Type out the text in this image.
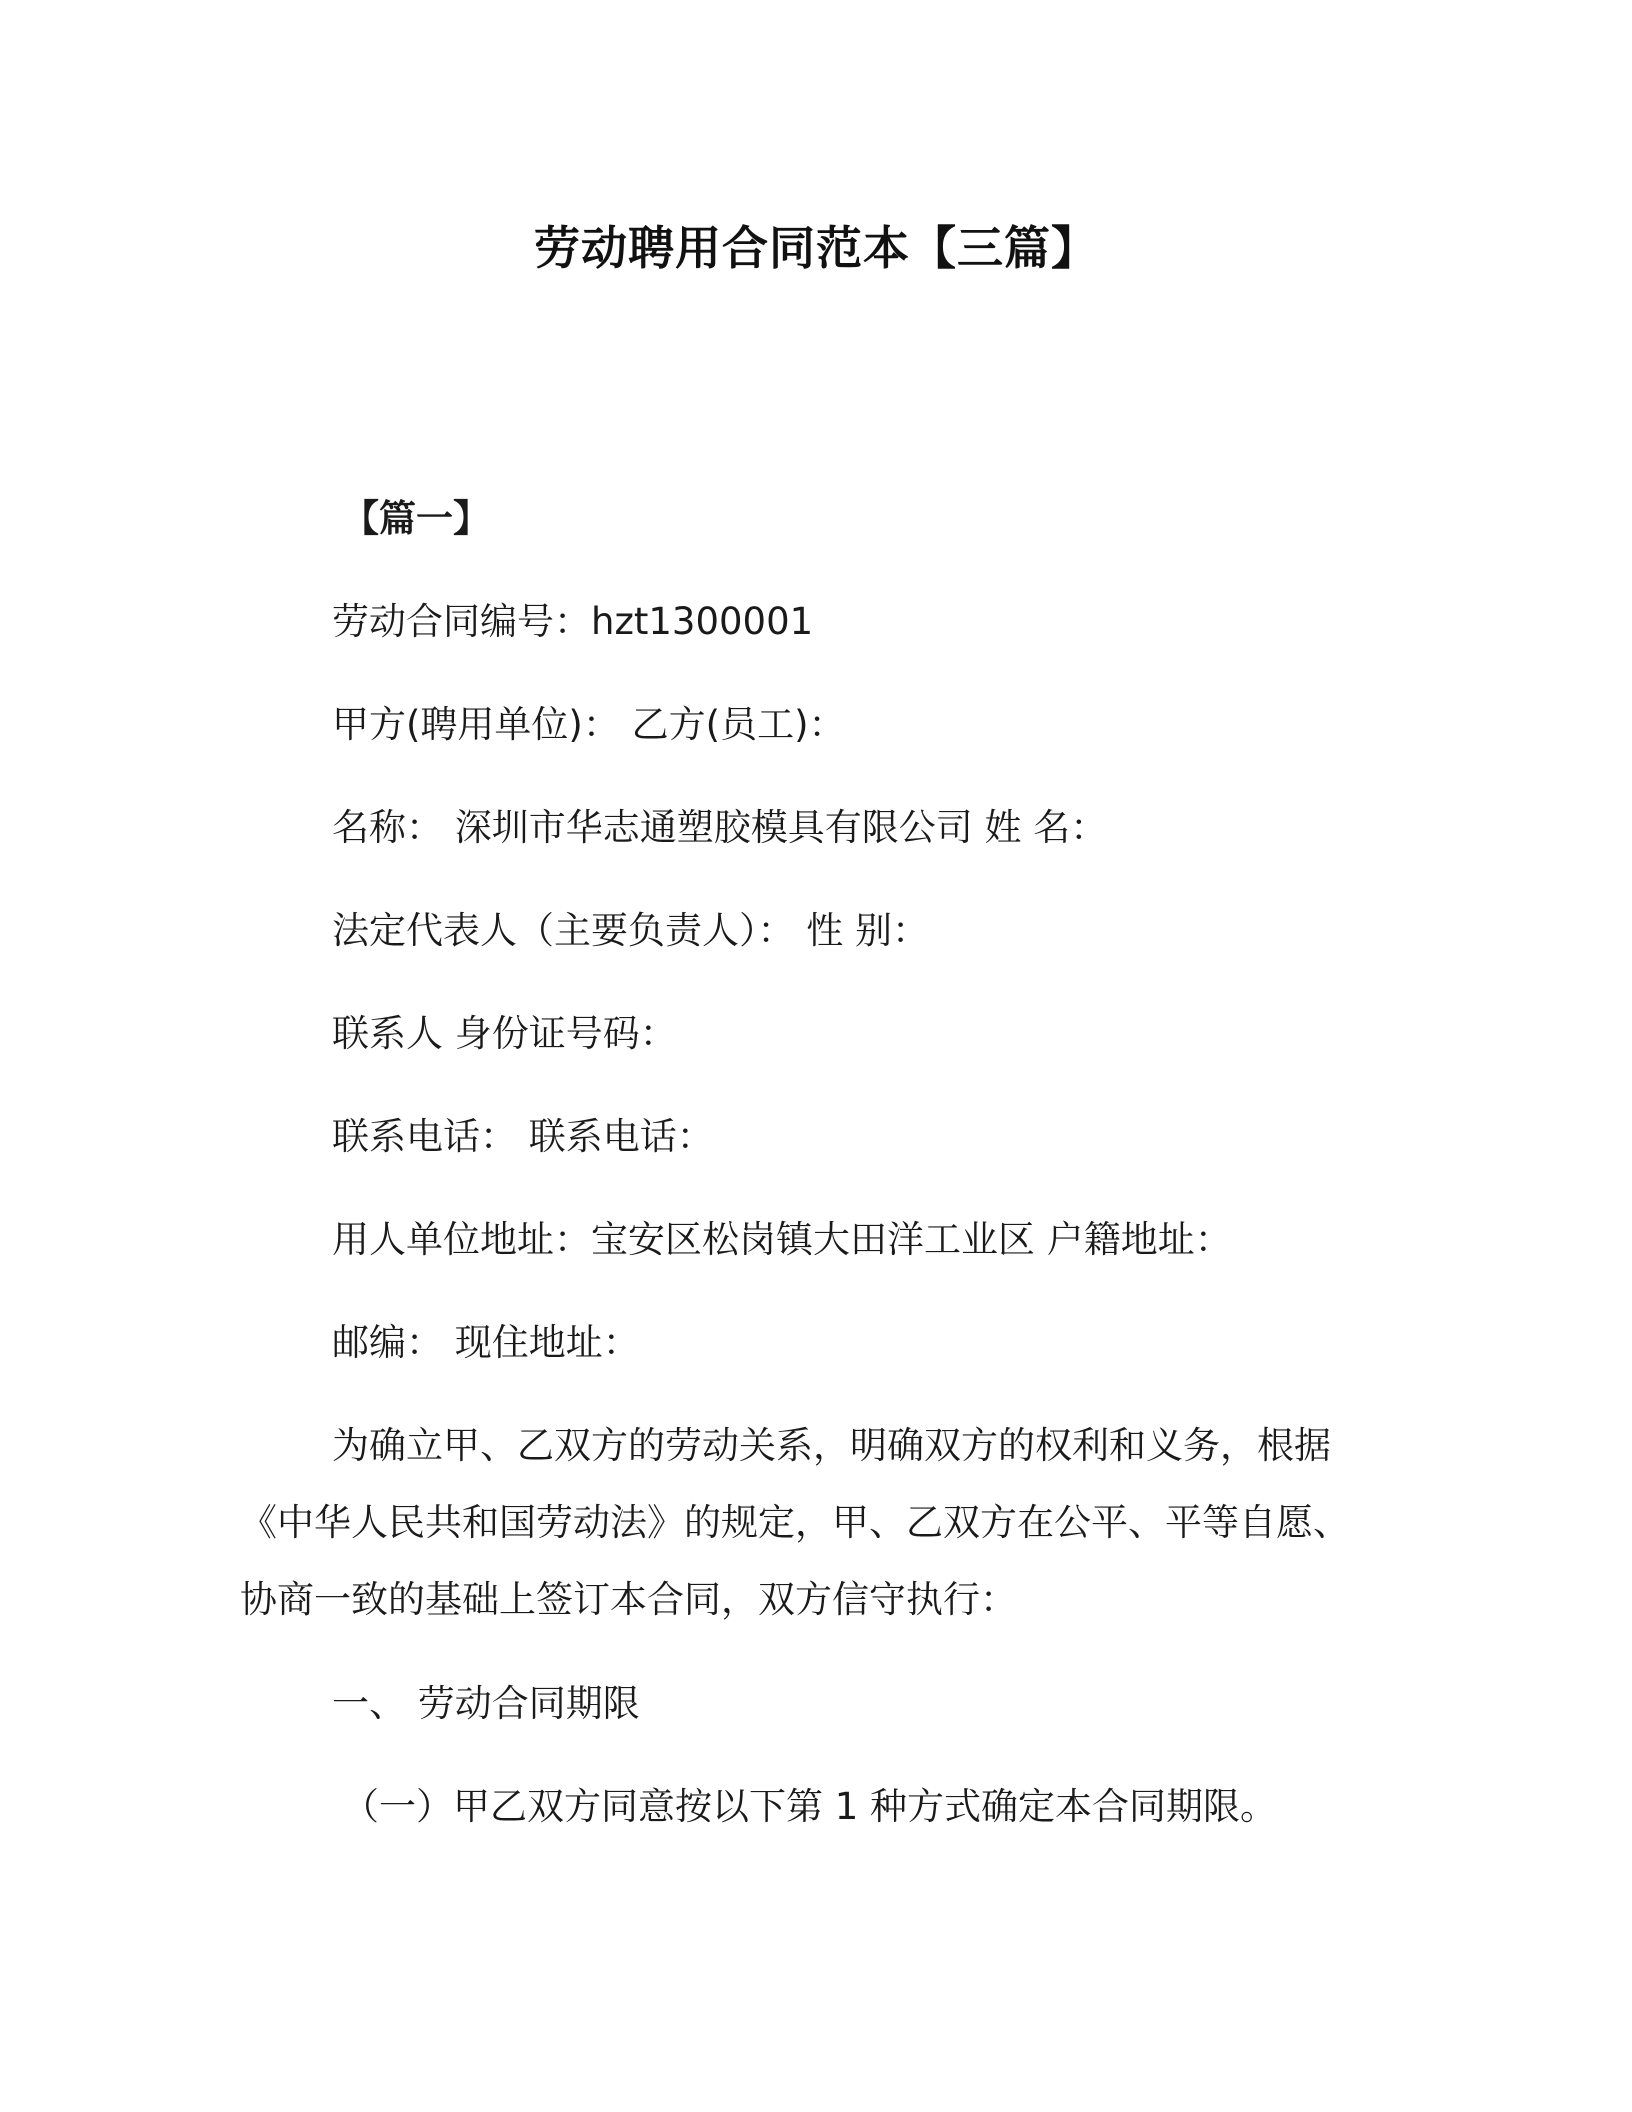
劳动聘用合同范本【三篇】
【篇一】
劳动合同编号：hzt1300001
甲方(聘用单位)： 乙方(员工)：
名称： 深圳市华志通塑胶模具有限公司 姓 名：
法定代表人（主要负责人）： 性 别：
联系人 身份证号码：
联系电话： 联系电话：
用人单位地址：宝安区松岗镇大田洋工业区 户籍地址：
邮编： 现住地址：
为确立甲、乙双方的劳动关系，明确双方的权利和义务，根据
《中华人民共和国劳动法》的规定，甲、乙双方在公平、平等自愿、
协商一致的基础上签订本合同，双方信守执行：
一、 劳动合同期限
（一）甲乙双方同意按以下第 1 种方式确定本合同期限。
